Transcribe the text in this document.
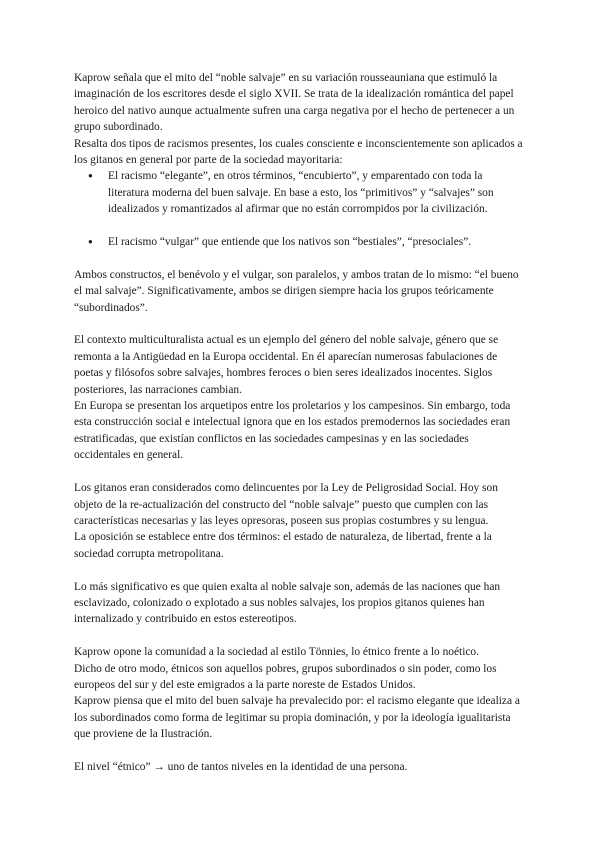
Kaprow señala que el mito del “noble salvaje” en su variación rousseauniana que estimuló la imaginación de los escritores desde el siglo XVII. Se trata de la idealización romántica del papel heroico del nativo aunque actualmente sufren una carga negativa por el hecho de pertenecer a un grupo subordinado.

Resalta dos tipos de racismos presentes, los cuales consciente e inconscientemente son aplicados a los gitanos en general por parte de la sociedad mayoritaria:

● El racismo “elegante”, en otros términos, “encubierto”, y emparentado con toda la literatura moderna del buen salvaje. En base a esto, los “primitivos” y “salvajes” son idealizados y romantizados al afirmar que no están corrompidos por la civilización.
● El racismo “vulgar” que entiende que los nativos son “bestiales”, “presociales”.

Ambos constructos, el benévolo y el vulgar, son paralelos, y ambos tratan de lo mismo: “el bueno el mal salvaje”. Significativamente, ambos se dirigen siempre hacia los grupos teóricamente “subordinados”.

El contexto multiculturalista actual es un ejemplo del género del noble salvaje, género que se remonta a la Antigüedad en la Europa occidental. En él aparecían numerosas fabulaciones de poetas y filósofos sobre salvajes, hombres feroces o bien seres idealizados inocentes. Siglos posteriores, las narraciones cambian.

En Europa se presentan los arquetipos entre los proletarios y los campesinos. Sin embargo, toda esta construcción social e intelectual ignora que en los estados premodernos las sociedades eran estratificadas, que existían conflictos en las sociedades campesinas y en las sociedades occidentales en general.

Los gitanos eran considerados como delincuentes por la Ley de Peligrosidad Social. Hoy son objeto de la re-actualización del constructo del “noble salvaje” puesto que cumplen con las características necesarias y las leyes opresoras, poseen sus propias costumbres y su lengua.

La oposición se establece entre dos términos: el estado de naturaleza, de libertad, frente a la sociedad corrupta metropolitana.

Lo más significativo es que quien exalta al noble salvaje son, además de las naciones que han esclavizado, colonizado o explotado a sus nobles salvajes, los propios gitanos quienes han internalizado y contribuido en estos estereotipos.

Kaprow opone la comunidad a la sociedad al estilo Tönnies, lo étnico frente a lo noético.

Dicho de otro modo, étnicos son aquellos pobres, grupos subordinados o sin poder, como los europeos del sur y del este emigrados a la parte noreste de Estados Unidos.

Kaprow piensa que el mito del buen salvaje ha prevalecido por: el racismo elegante que idealiza a los subordinados como forma de legitimar su propia dominación, y por la ideología igualitarista que proviene de la Ilustración.

El nivel “étnico” → uno de tantos niveles en la identidad de una persona.
